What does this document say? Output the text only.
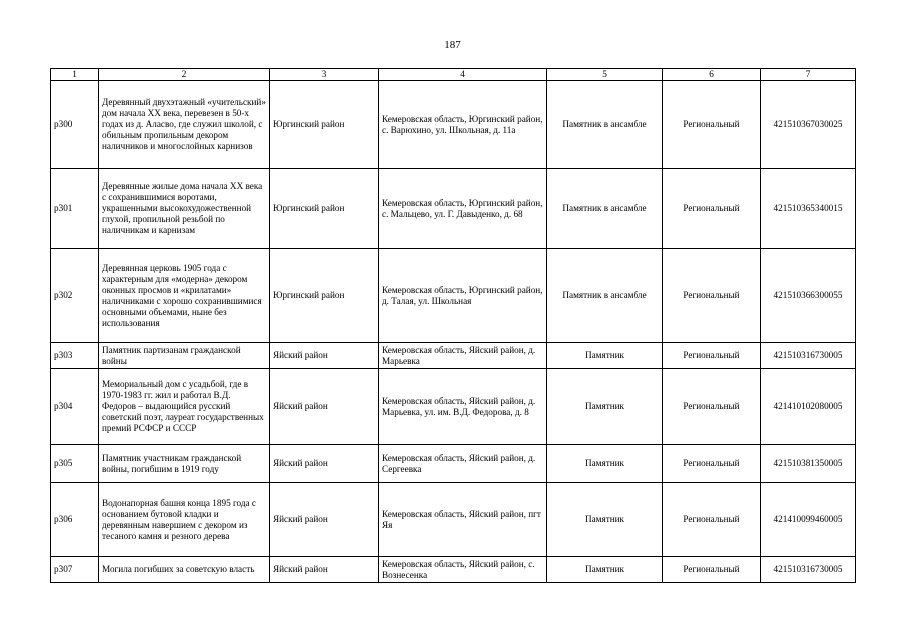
187
1	2	3	4	5	6	7
р300	Деревянный двухэтажный «учительский» дом начала XX века, перевезен в 50-х годах из д. Аласво, где служил школой, с обильным пропильным декором наличников и многослойных карнизов	Юргинский район	Кемеровская область, Юргинский район, с. Варюхино, ул. Школьная, д. 11а	Памятник в ансамбле	Региональный	421510367030025
р301	Деревянные жилые дома начала XX века с сохранившимися воротами, украшенными высокохудожественной глухой, пропильной резьбой по наличникам и карнизам	Юргинский район	Кемеровская область, Юргинский район, с. Мальцево, ул. Г. Давыденко, д. 68	Памятник в ансамбле	Региональный	421510365340015
р302	Деревянная церковь 1905 года с характерным для «модерна» декором оконных просмов и «крилатами» наличниками с хорошо сохранившимися основными объемами, ныне без использования	Юргинский район	Кемеровская область, Юргинский район, д. Талая, ул. Школьная	Памятник в ансамбле	Региональный	421510366300055
р303	Памятник партизанам гражданской войны	Яйский район	Кемеровская область, Яйский район, д. Марьевка	Памятник	Региональный	421510316730005
р304	Мемориальный дом с усадьбой, где в 1970-1983 гг. жил и работал В.Д. Федоров – выдающийся русский советский поэт, лауреат государственных премий РСФСР и СССР	Яйский район	Кемеровская область, Яйский район, д. Марьевка, ул. им. В.Д. Федорова, д. 8	Памятник	Региональный	421410102080005
р305	Памятник участникам гражданской войны, погибшим в 1919 году	Яйский район	Кемеровская область, Яйский район, д. Сергеевка	Памятник	Региональный	421510381350005
р306	Водонапорная башня конца 1895 года с основанием бутовой кладки и деревянным навершием с декором из тесаного камня и резного дерева	Яйский район	Кемеровская область, Яйский район, пгт Яя	Памятник	Региональный	421410099460005
р307	Могила погибших за советскую власть	Яйский район	Кемеровская область, Яйский район, с. Вознесенка	Памятник	Региональный	421510316730005
